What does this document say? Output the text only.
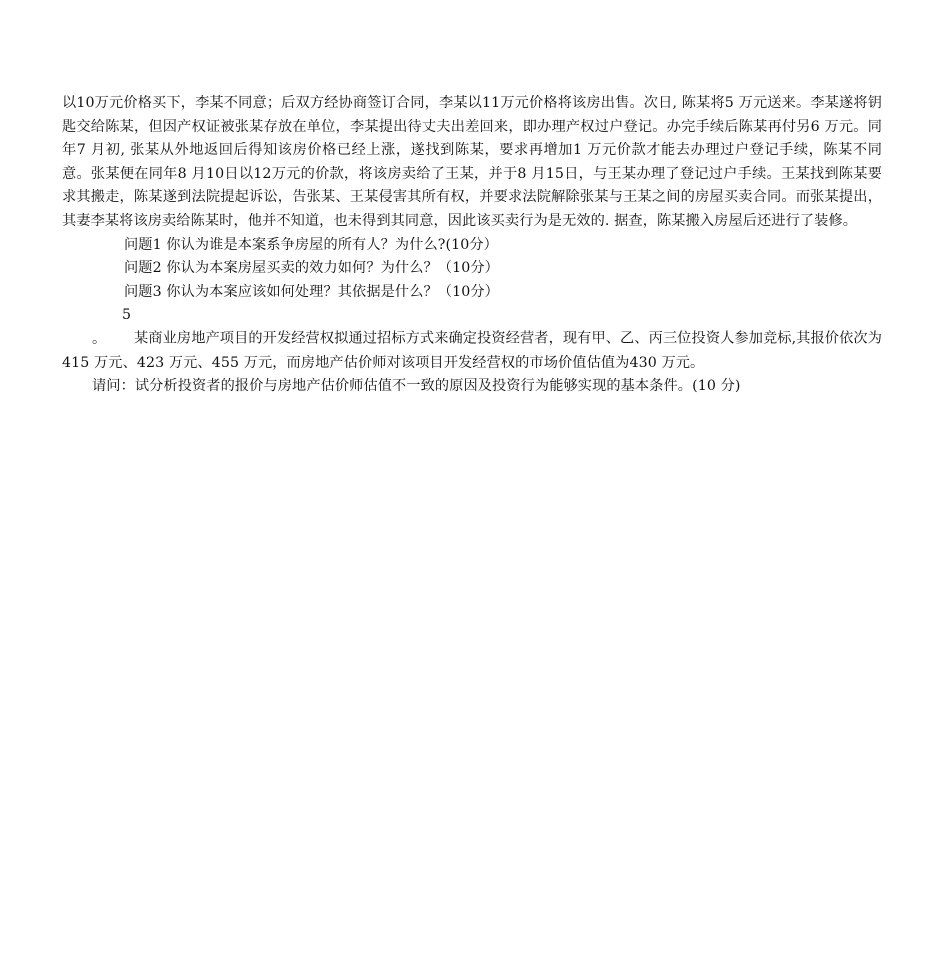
以10万元价格买下，李某不同意；后双方经协商签订合同，李某以11万元价格将该房出售。次日, 陈某将5 万元送来。李某遂将钥匙交给陈某，但因产权证被张某存放在单位，李某提出待丈夫出差回来，即办理产权过户登记。办完手续后陈某再付另6 万元。同年7 月初, 张某从外地返回后得知该房价格已经上涨，遂找到陈某，要求再增加1 万元价款才能去办理过户登记手续，陈某不同意。张某便在同年8 月10日以12万元的价款，将该房卖给了王某，并于8 月15日，与王某办理了登记过户手续。王某找到陈某要求其搬走，陈某遂到法院提起诉讼，告张某、王某侵害其所有权，并要求法院解除张某与王某之间的房屋买卖合同。而张某提出，其妻李某将该房卖给陈某时，他并不知道，也未得到其同意，因此该买卖行为是无效的. 据查，陈某搬入房屋后还进行了装修。

问题1 你认为谁是本案系争房屋的所有人？为什么?(10分）

问题2 你认为本案房屋买卖的效力如何？为什么？（10分）

问题3 你认为本案应该如何处理？其依据是什么？（10分）

5 。 某商业房地产项目的开发经营权拟通过招标方式来确定投资经营者，现有甲、乙、丙三位投资人参加竞标,其报价依次为415 万元、423 万元、455 万元，而房地产估价师对该项目开发经营权的市场价值估值为430 万元。

请问：试分析投资者的报价与房地产估价师估值不一致的原因及投资行为能够实现的基本条件。(10 分)
